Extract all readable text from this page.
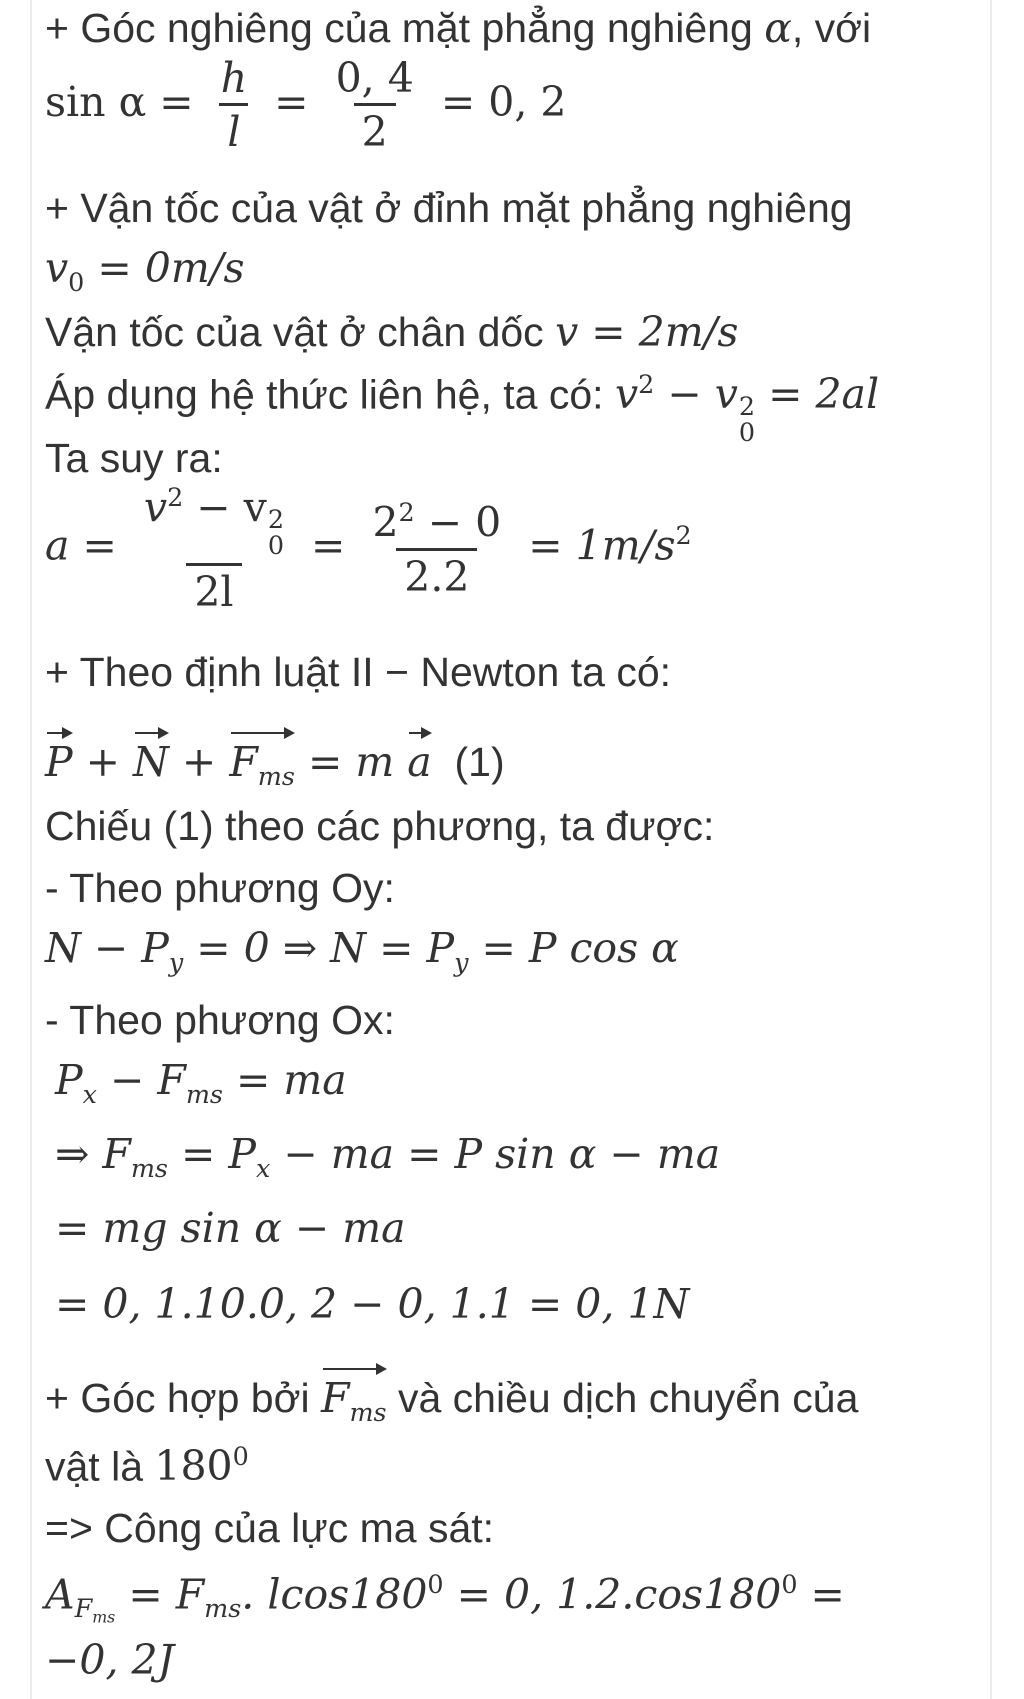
+ Góc nghiêng của mặt phẳng nghiêng α, với
$\sin \alpha = \frac{h}{l} = \frac{0, 4}{2} = 0$, 2
+ Vận tốc của vật ở đỉnh mặt phẳng nghiêng
$v_0 = 0m/s$
Vận tốc của vật ở chân dốc v = 2m/s
Áp dụng hệ thức liên hệ, ta có: $v^2 - v$ 2
0
= 2al
Ta suy ra:
$a = v^2 - v$ 2
0
$2l = \frac{2^2 - 0}{2.2} = 1m/s^2$
+ Theo định luật II − Newton ta có:
$P + N + F_{ms} = m$ a (1)
Chiếu (1) theo các phương, ta được:
- Theo phương Oy:
$N - P_y = 0$ ⇒ $N = P_y = P$ cos α
- Theo phương Ox:
$P_x - F_{ms}$ = ma
⇒ $F_{ms} = P_x$ − ma = P sin α − ma
= mg sin α − ma
= 0, 1.10.0, 2 − 0, 1.1 = 0, 1N
+ Góc hợp bởi $F_{ms}$ và chiều dịch chuyển của
vật là $180^0$
=> Công của lực ma sát:
$A_{F_{ms}} = F_{ms}$. $lcos180^0 = 0$, $1.2.\cos 180^0$ =
−0, 2J
